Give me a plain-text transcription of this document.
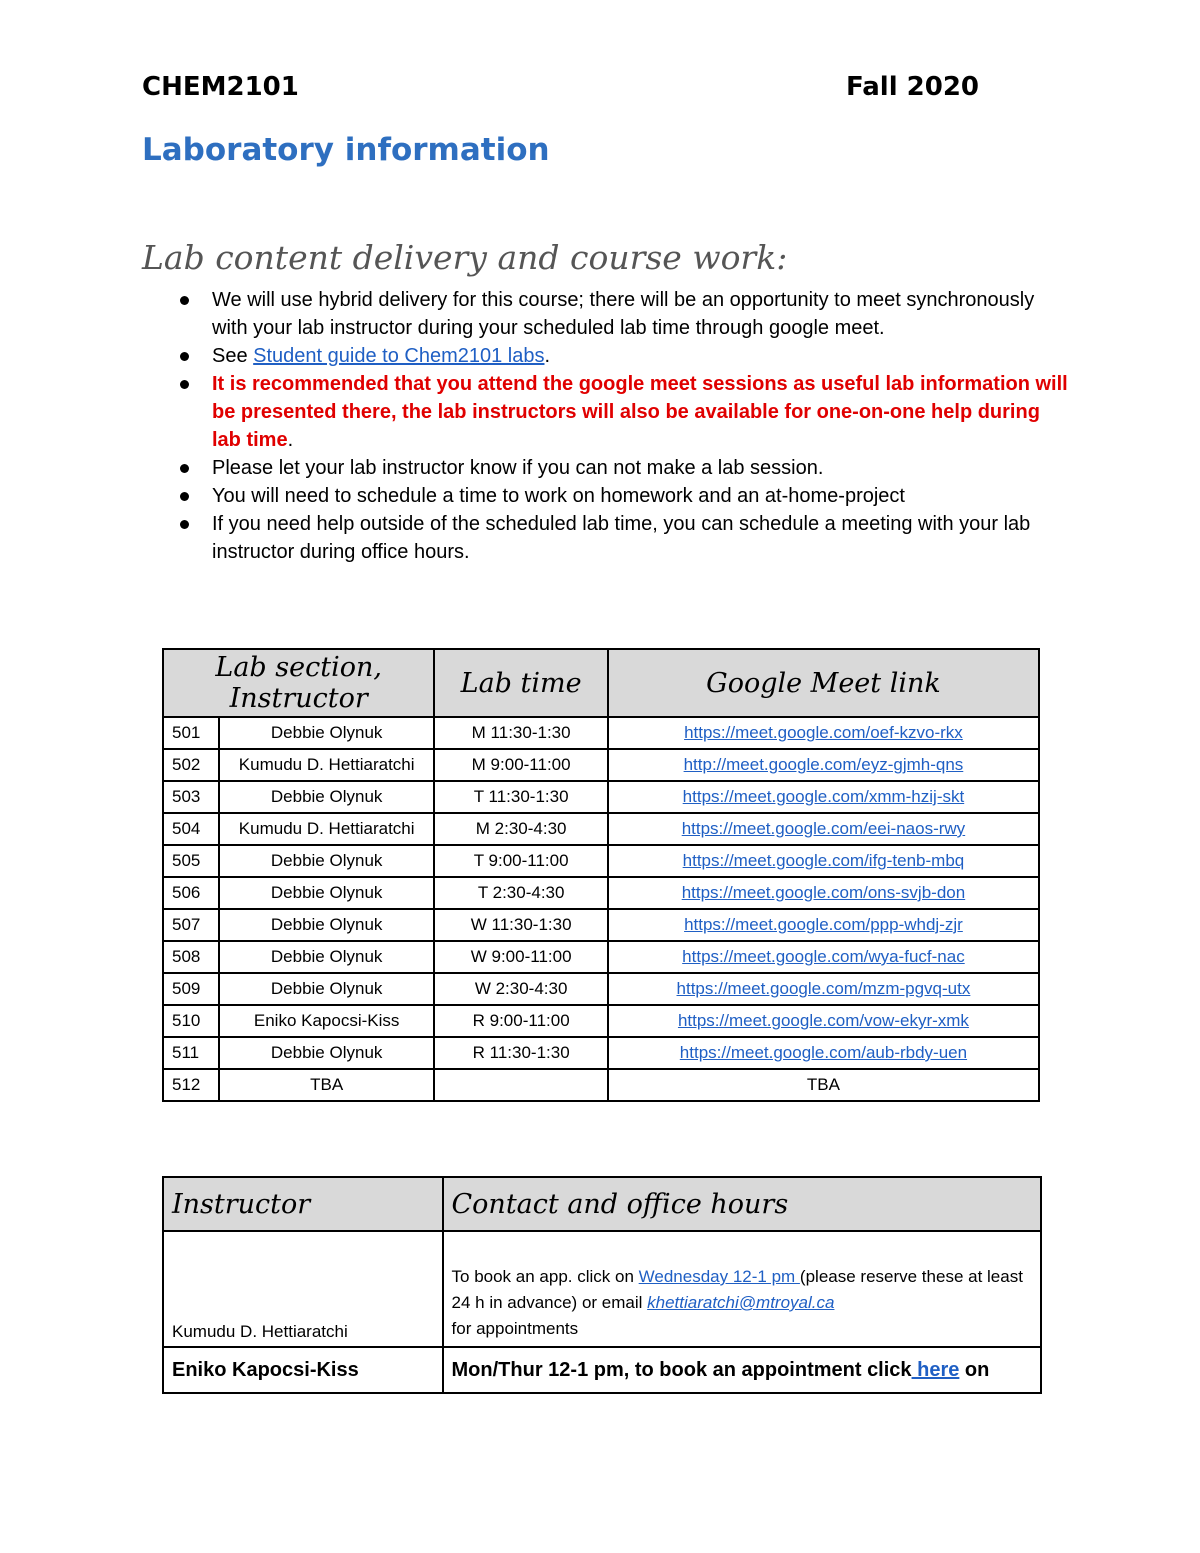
CHEM2101	Fall 2020
Laboratory information
Lab content delivery and course work:
We will use hybrid delivery for this course; there will be an opportunity to meet synchronously with your lab instructor during your scheduled lab time through google meet.
See Student guide to Chem2101 labs.
It is recommended that you attend the google meet sessions as useful lab information will be presented there, the lab instructors will also be available for one-on-one help during lab time.
Please let your lab instructor know if you can not make a lab session.
You will need to schedule a time to work on homework and an at-home-project
If you need help outside of the scheduled lab time, you can schedule a meeting with your lab instructor during office hours.
Lab section, Instructor		Lab time	Google Meet link
501	Debbie Olynuk	M 11:30-1:30	https://meet.google.com/oef-kzvo-rkx
502	Kumudu D. Hettiaratchi	M 9:00-11:00	http://meet.google.com/eyz-gjmh-qns
503	Debbie Olynuk	T 11:30-1:30	https://meet.google.com/xmm-hzij-skt
504	Kumudu D. Hettiaratchi	M 2:30-4:30	https://meet.google.com/eei-naos-rwy
505	Debbie Olynuk	T 9:00-11:00	https://meet.google.com/ifg-tenb-mbq
506	Debbie Olynuk	T 2:30-4:30	https://meet.google.com/ons-svjb-don
507	Debbie Olynuk	W 11:30-1:30	https://meet.google.com/ppp-whdj-zjr
508	Debbie Olynuk	W 9:00-11:00	https://meet.google.com/wya-fucf-nac
509	Debbie Olynuk	W 2:30-4:30	https://meet.google.com/mzm-pgvq-utx
510	Eniko Kapocsi-Kiss	R 9:00-11:00	https://meet.google.com/vow-ekyr-xmk
511	Debbie Olynuk	R 11:30-1:30	https://meet.google.com/aub-rbdy-uen
512	TBA		TBA
Instructor	Contact and office hours
Kumudu D. Hettiaratchi	To book an app. click on Wednesday 12-1 pm (please reserve these at least 24 h in advance) or email khettiaratchi@mtroyal.ca
for appointments
Eniko Kapocsi-Kiss	Mon/Thur 12-1 pm, to book an appointment click here on
